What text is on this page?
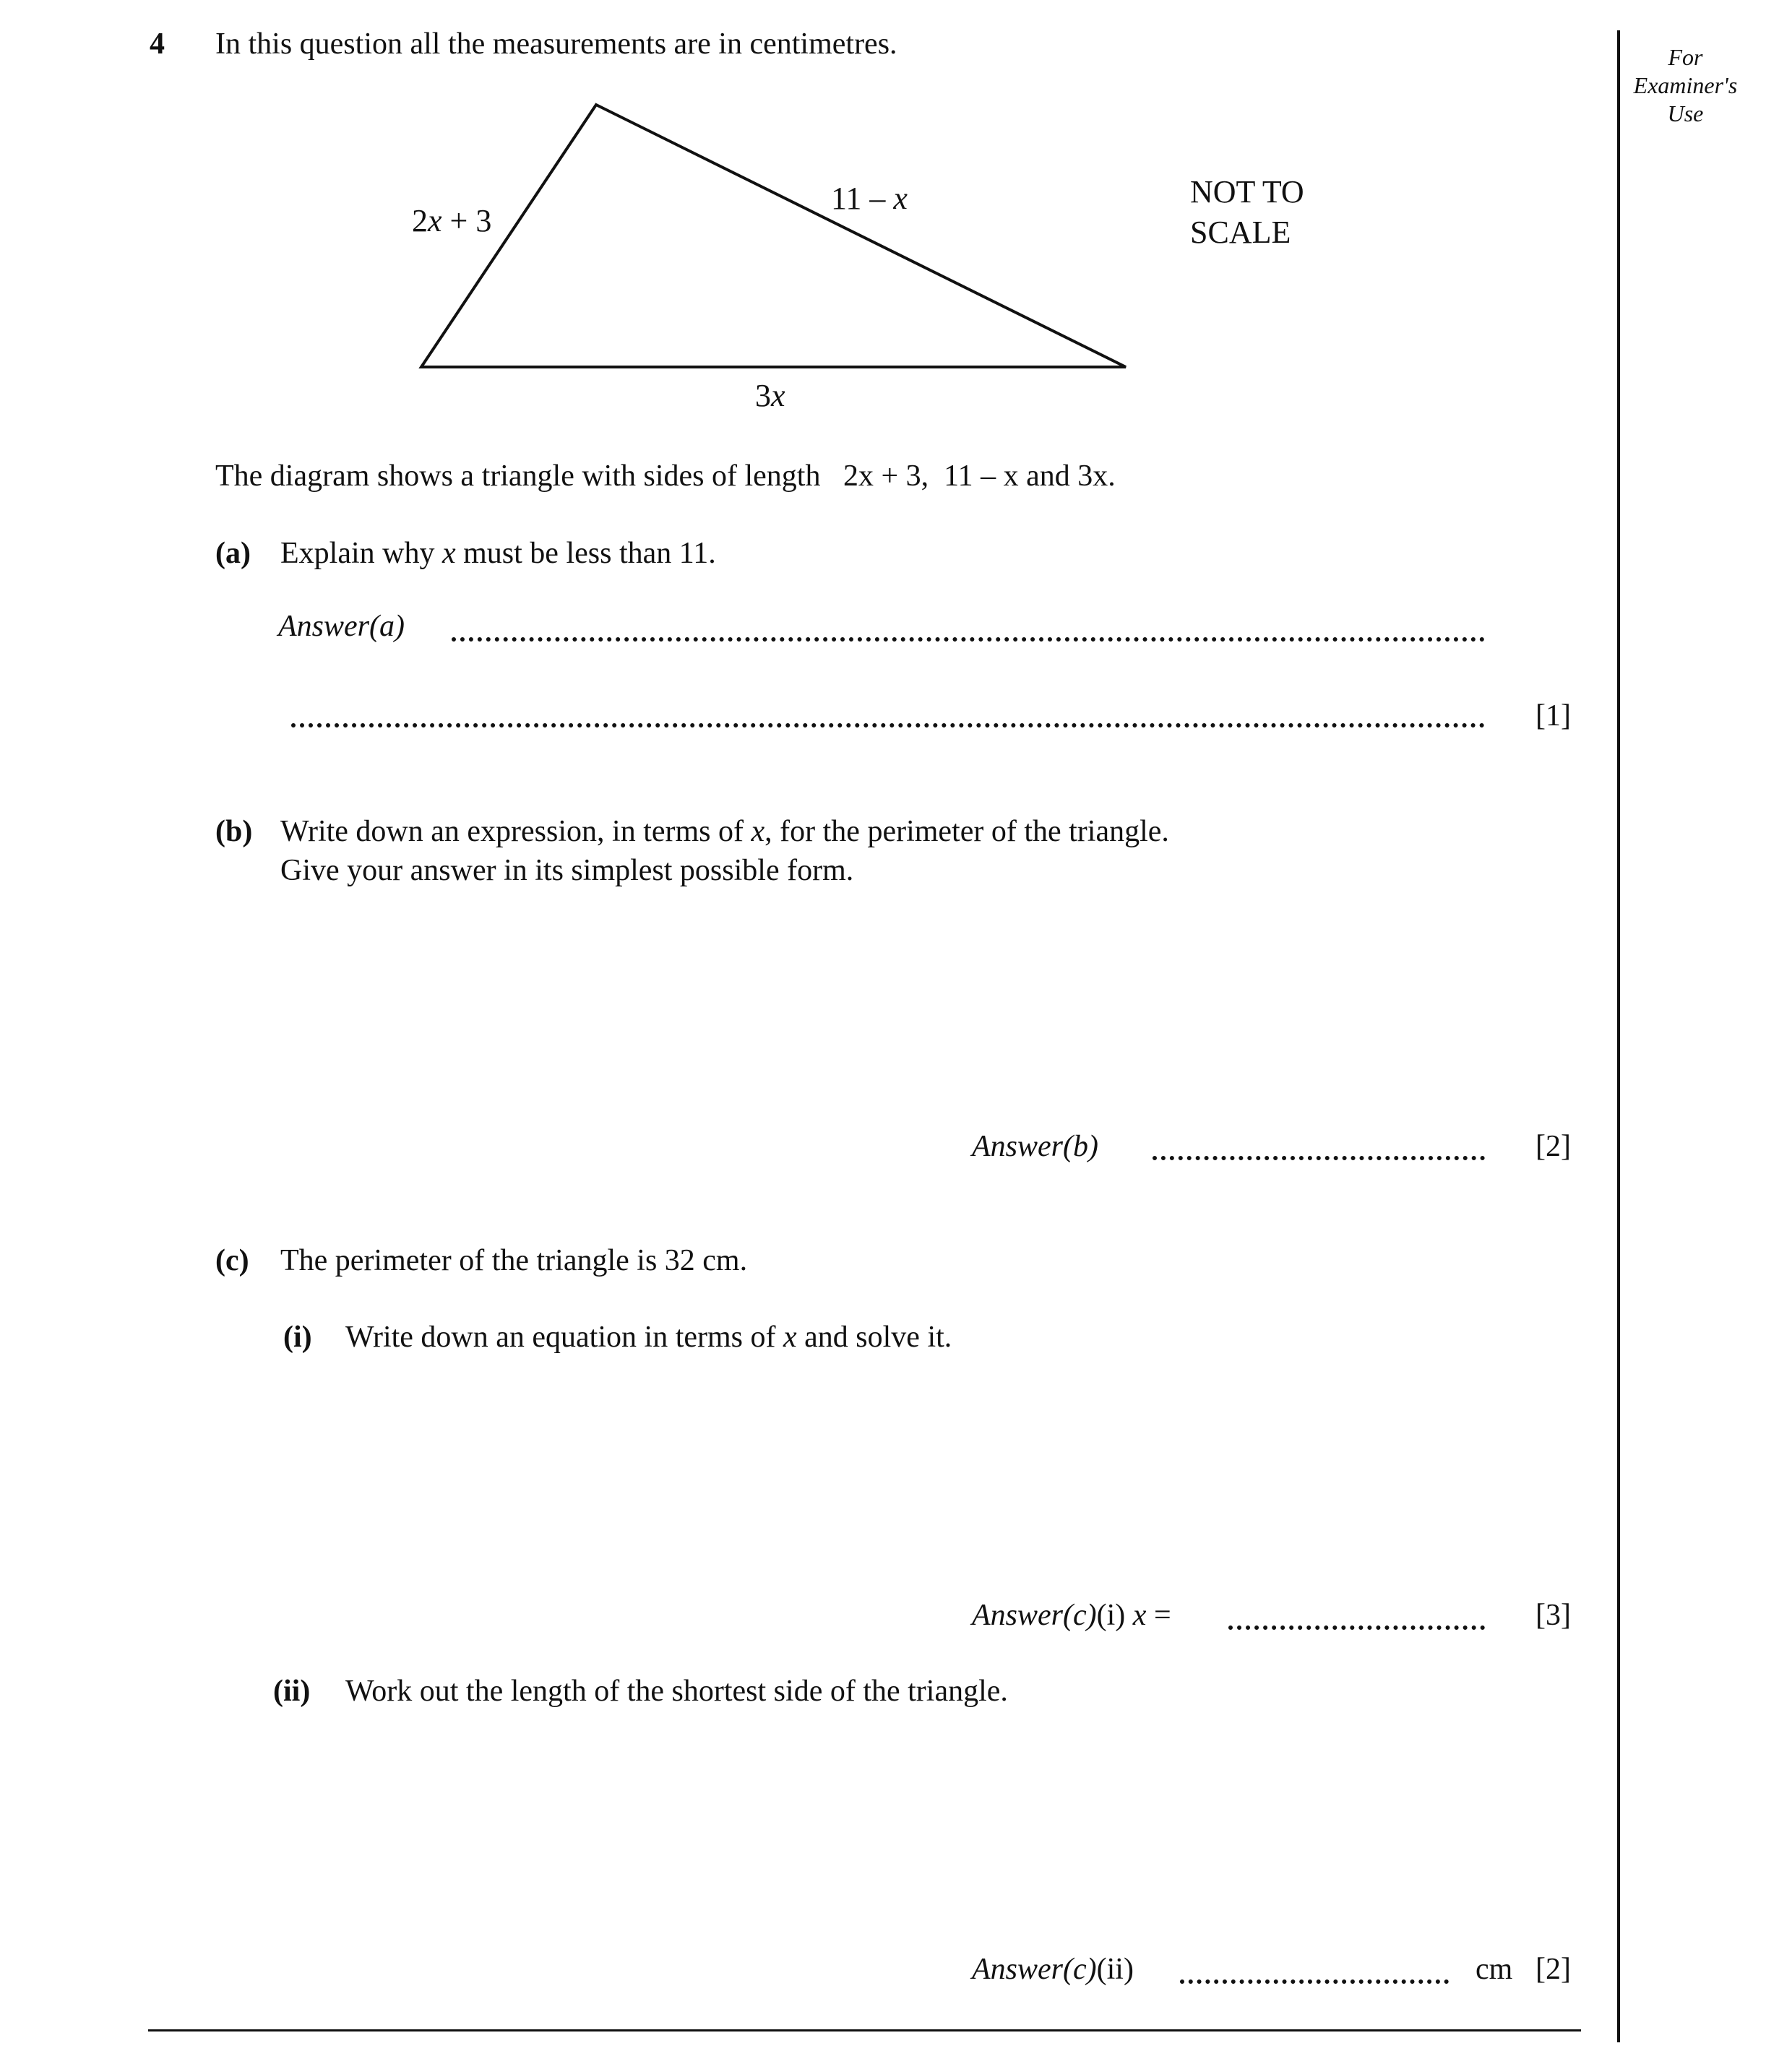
4 In this question all the measurements are in centimetres.	For
Examiner's
Use
2x + 3
11 – x
3x
NOT TO
SCALE
The diagram shows a triangle with sides of length   2x + 3,  11 – x and 3x.
(a) Explain why x must be less than 11.
Answer(a)
[1]
(b) Write down an expression, in terms of x, for the perimeter of the triangle.
Give your answer in its simplest possible form.
Answer(b)	[2]
(c) The perimeter of the triangle is 32 cm.
(i) Write down an equation in terms of x and solve it.
Answer(c)(i) x =	[3]
(ii) Work out the length of the shortest side of the triangle.
Answer(c)(ii)	cm [2]
